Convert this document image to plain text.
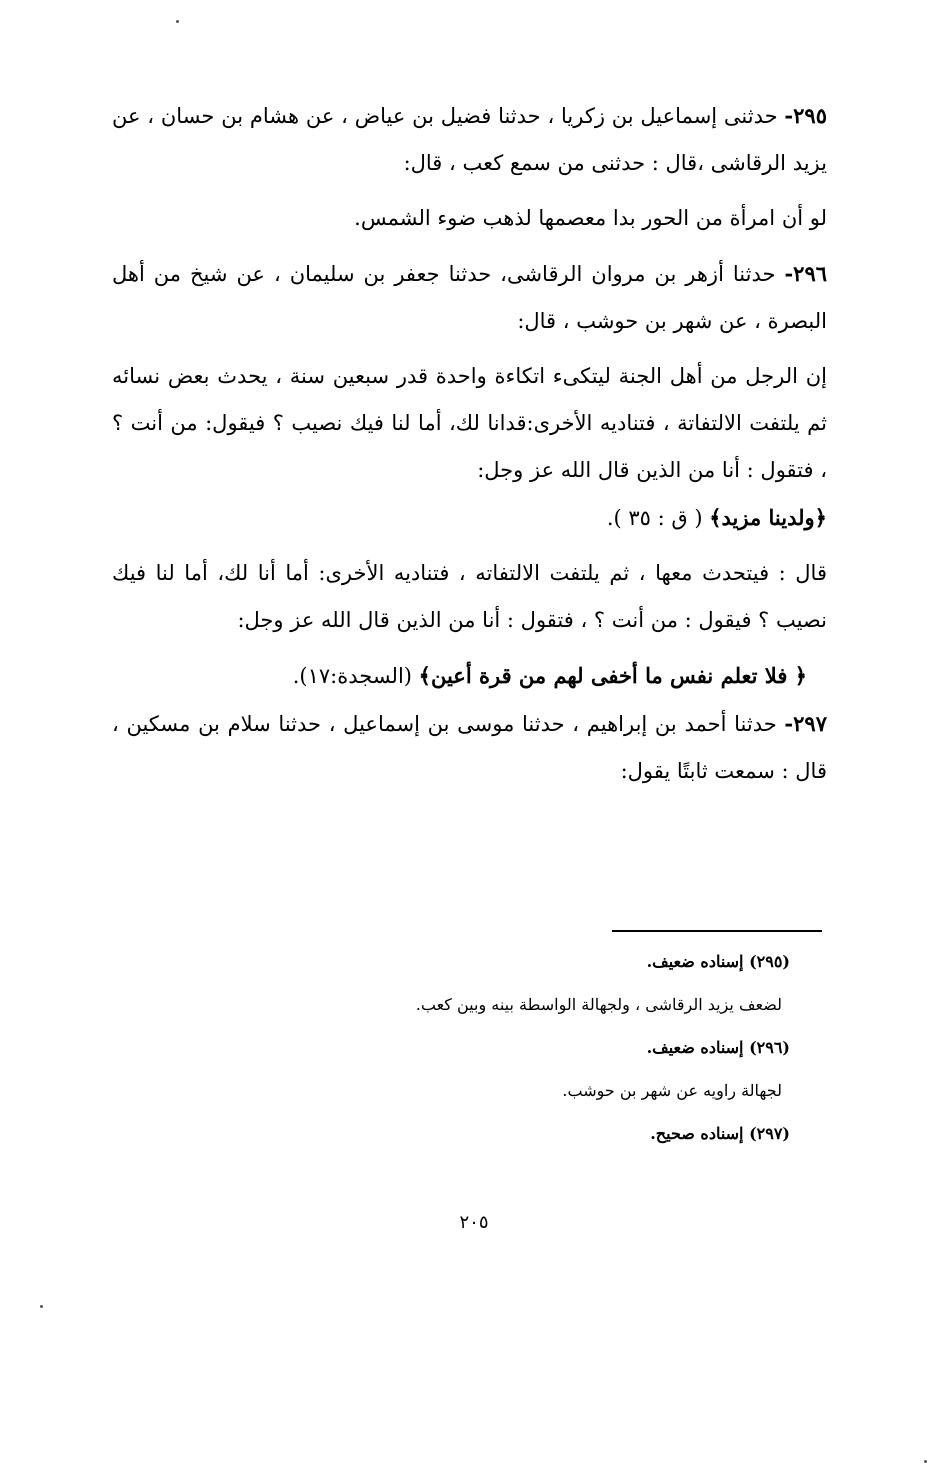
٢٩٥- حدثنى إسماعيل بن زكريا ، حدثنا فضيل بن عياض ، عن هشام بن حسان ، عن يزيد الرقاشى ،قال : حدثنى من سمع كعب ، قال:

لو أن امرأة من الحور بدا معصمها لذهب ضوء الشمس.

٢٩٦- حدثنا أزهر بن مروان الرقاشى، حدثنا جعفر بن سليمان ، عن شيخ من أهل البصرة ، عن شهر بن حوشب ، قال:

إن الرجل من أهل الجنة ليتكىء اتكاءة واحدة قدر سبعين سنة ، يحدث بعض نسائه ثم يلتفت الالتفاتة ، فتناديه الأخرى:قدانا لك، أما لنا فيك نصيب ؟ فيقول: من أنت ؟ ، فتقول : أنا من الذين قال الله عز وجل:

﴿ولدينا مزيد﴾ ( ق : ٣٥ ).

قال : فيتحدث معها ، ثم يلتفت الالتفاته ، فتناديه الأخرى: أما أنا لك، أما لنا فيك نصيب ؟ فيقول : من أنت ؟ ، فتقول : أنا من الذين قال الله عز وجل:

﴿ فلا تعلم نفس ما أخفى لهم من قرة أعين﴾ (السجدة:١٧).

٢٩٧- حدثنا أحمد بن إبراهيم ، حدثنا موسى بن إسماعيل ، حدثنا سلام بن مسكين ، قال : سمعت ثابتًا يقول:

(٢٩٥) إسناده ضعيف.

لضعف يزيد الرقاشى ، ولجهالة الواسطة بينه وبين كعب.

(٢٩٦) إسناده ضعيف.

لجهالة راويه عن شهر بن حوشب.

(٢٩٧) إسناده صحيح.

٢٠٥
